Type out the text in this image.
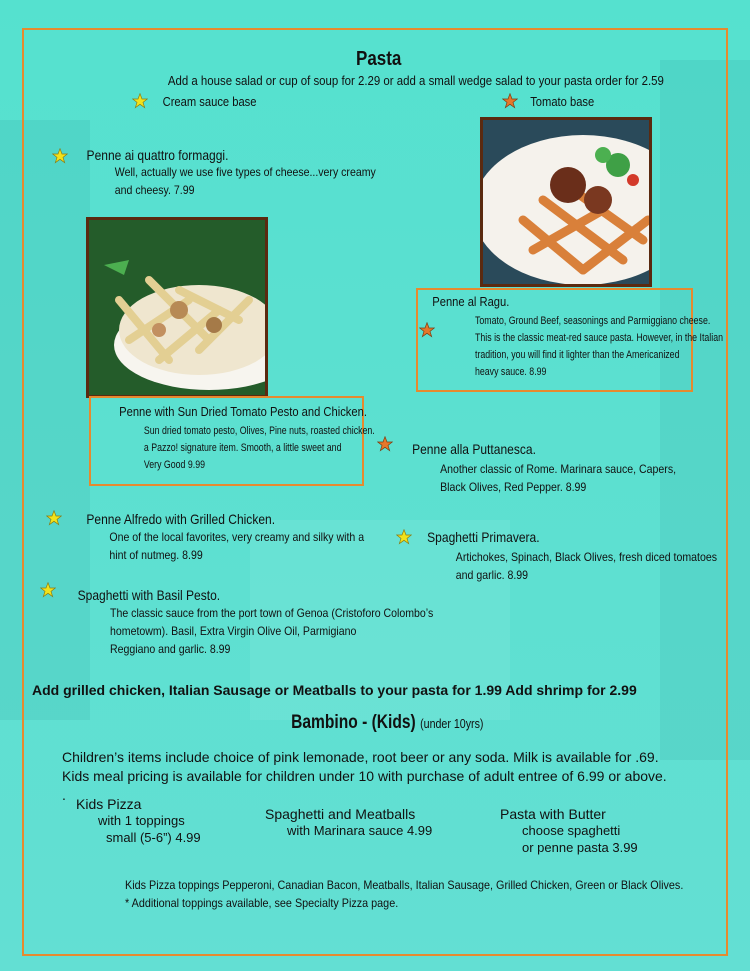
Pasta
Add a house salad or cup of soup for 2.29 or add a small wedge salad to your pasta order for 2.59
Cream sauce base	Tomato base
Penne ai quattro formaggi.
Well, actually we use five types of cheese...very creamy
and cheesy. 7.99
Penne al Ragu.
Tomato, Ground Beef, seasonings and Parmiggiano cheese.
This is the classic meat-red sauce pasta. However, in the Italian
tradition, you will find it lighter than the Americanized
heavy sauce. 8.99
Penne with Sun Dried Tomato Pesto and Chicken.
Sun dried tomato pesto, Olives, Pine nuts, roasted chicken.
a Pazzo! signature item. Smooth, a little sweet and
Very Good 9.99
Penne alla Puttanesca.
Another classic of Rome. Marinara sauce, Capers,
Black Olives, Red Pepper. 8.99
Penne Alfredo with Grilled Chicken.
One of the local favorites, very creamy and silky with a
hint of nutmeg. 8.99
Spaghetti Primavera.
Artichokes, Spinach, Black Olives, fresh diced tomatoes
and garlic. 8.99
Spaghetti with Basil Pesto.
The classic sauce from the port town of Genoa (Cristoforo Colombo’s
hometowm). Basil, Extra Virgin Olive Oil, Parmigiano
Reggiano and garlic. 8.99
Add grilled chicken, Italian Sausage or Meatballs to your pasta for 1.99 Add shrimp for 2.99
Bambino - (Kids) (under 10yrs)
Children’s items include choice of pink lemonade, root beer or any soda. Milk is available for .69.
Kids meal pricing is available for children under 10 with purchase of adult entree of 6.99 or above.
.
Kids Pizza
with 1 toppings
small (5-6”) 4.99
Spaghetti and Meatballs
with Marinara sauce 4.99
Pasta with Butter
choose spaghetti
or penne pasta 3.99
Kids Pizza toppings Pepperoni, Canadian Bacon, Meatballs, Italian Sausage, Grilled Chicken, Green or Black Olives.
* Additional toppings available, see Specialty Pizza page.
